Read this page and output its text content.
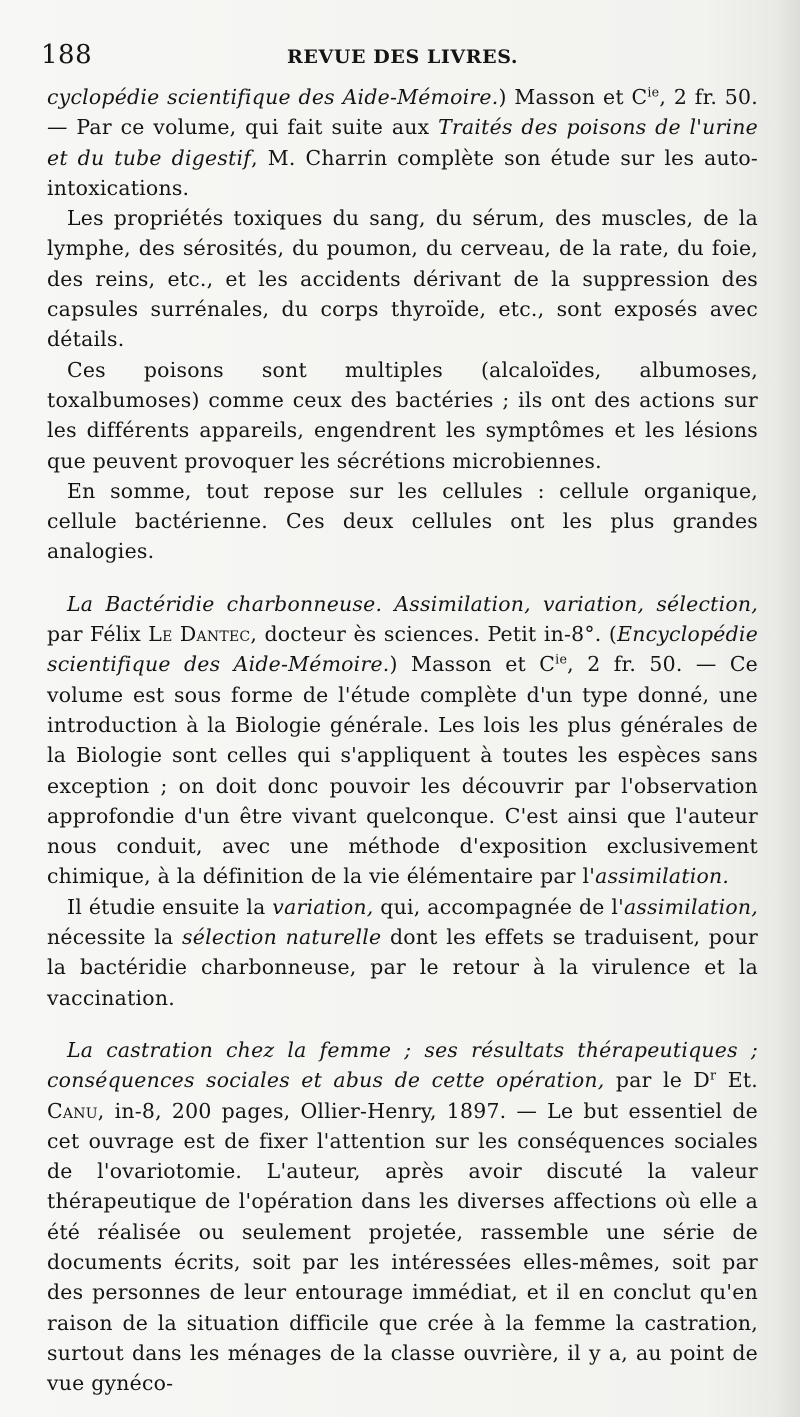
188	REVUE DES LIVRES.

cyclopédie scientifique des Aide-Mémoire.) Masson et $C^{ie}$, 2 fr. 50. — Par ce volume, qui fait suite aux Traités des poisons de l'urine et du tube digestif, M. Charrin complète son étude sur les auto-intoxications.

Les propriétés toxiques du sang, du sérum, des muscles, de la lymphe, des sérosités, du poumon, du cerveau, de la rate, du foie, des reins, etc., et les accidents dérivant de la suppression des capsules surrénales, du corps thyroïde, etc., sont exposés avec détails.

Ces poisons sont multiples (alcaloïdes, albumoses, toxalbumoses) comme ceux des bactéries ; ils ont des actions sur les différents appareils, engendrent les symptômes et les lésions que peuvent provoquer les sécrétions microbiennes.

En somme, tout repose sur les cellules : cellule organique, cellule bactérienne. Ces deux cellules ont les plus grandes analogies.

La Bactéridie charbonneuse. Assimilation, variation, sélection, par Félix Le Dantec, docteur ès sciences. Petit in-8°. (Encyclopédie scientifique des Aide-Mémoire.) Masson et $C^{ie}$, 2 fr. 50. — Ce volume est sous forme de l'étude complète d'un type donné, une introduction à la Biologie générale. Les lois les plus générales de la Biologie sont celles qui s'appliquent à toutes les espèces sans exception ; on doit donc pouvoir les découvrir par l'observation approfondie d'un être vivant quelconque. C'est ainsi que l'auteur nous conduit, avec une méthode d'exposition exclusivement chimique, à la définition de la vie élémentaire par l'assimilation.

Il étudie ensuite la variation, qui, accompagnée de l'assimilation, nécessite la sélection naturelle dont les effets se traduisent, pour la bactéridie charbonneuse, par le retour à la virulence et la vaccination.

La castration chez la femme ; ses résultats thérapeutiques ; conséquences sociales et abus de cette opération, par le $D^r$ Et. Canu, in-8, 200 pages, Ollier-Henry, 1897. — Le but essentiel de cet ouvrage est de fixer l'attention sur les conséquences sociales de l'ovariotomie. L'auteur, après avoir discuté la valeur thérapeutique de l'opération dans les diverses affections où elle a été réalisée ou seulement projetée, rassemble une série de documents écrits, soit par les intéressées elles-mêmes, soit par des personnes de leur entourage immédiat, et il en conclut qu'en raison de la situation difficile que crée à la femme la castration, surtout dans les ménages de la classe ouvrière, il y a, au point de vue gynéco-
